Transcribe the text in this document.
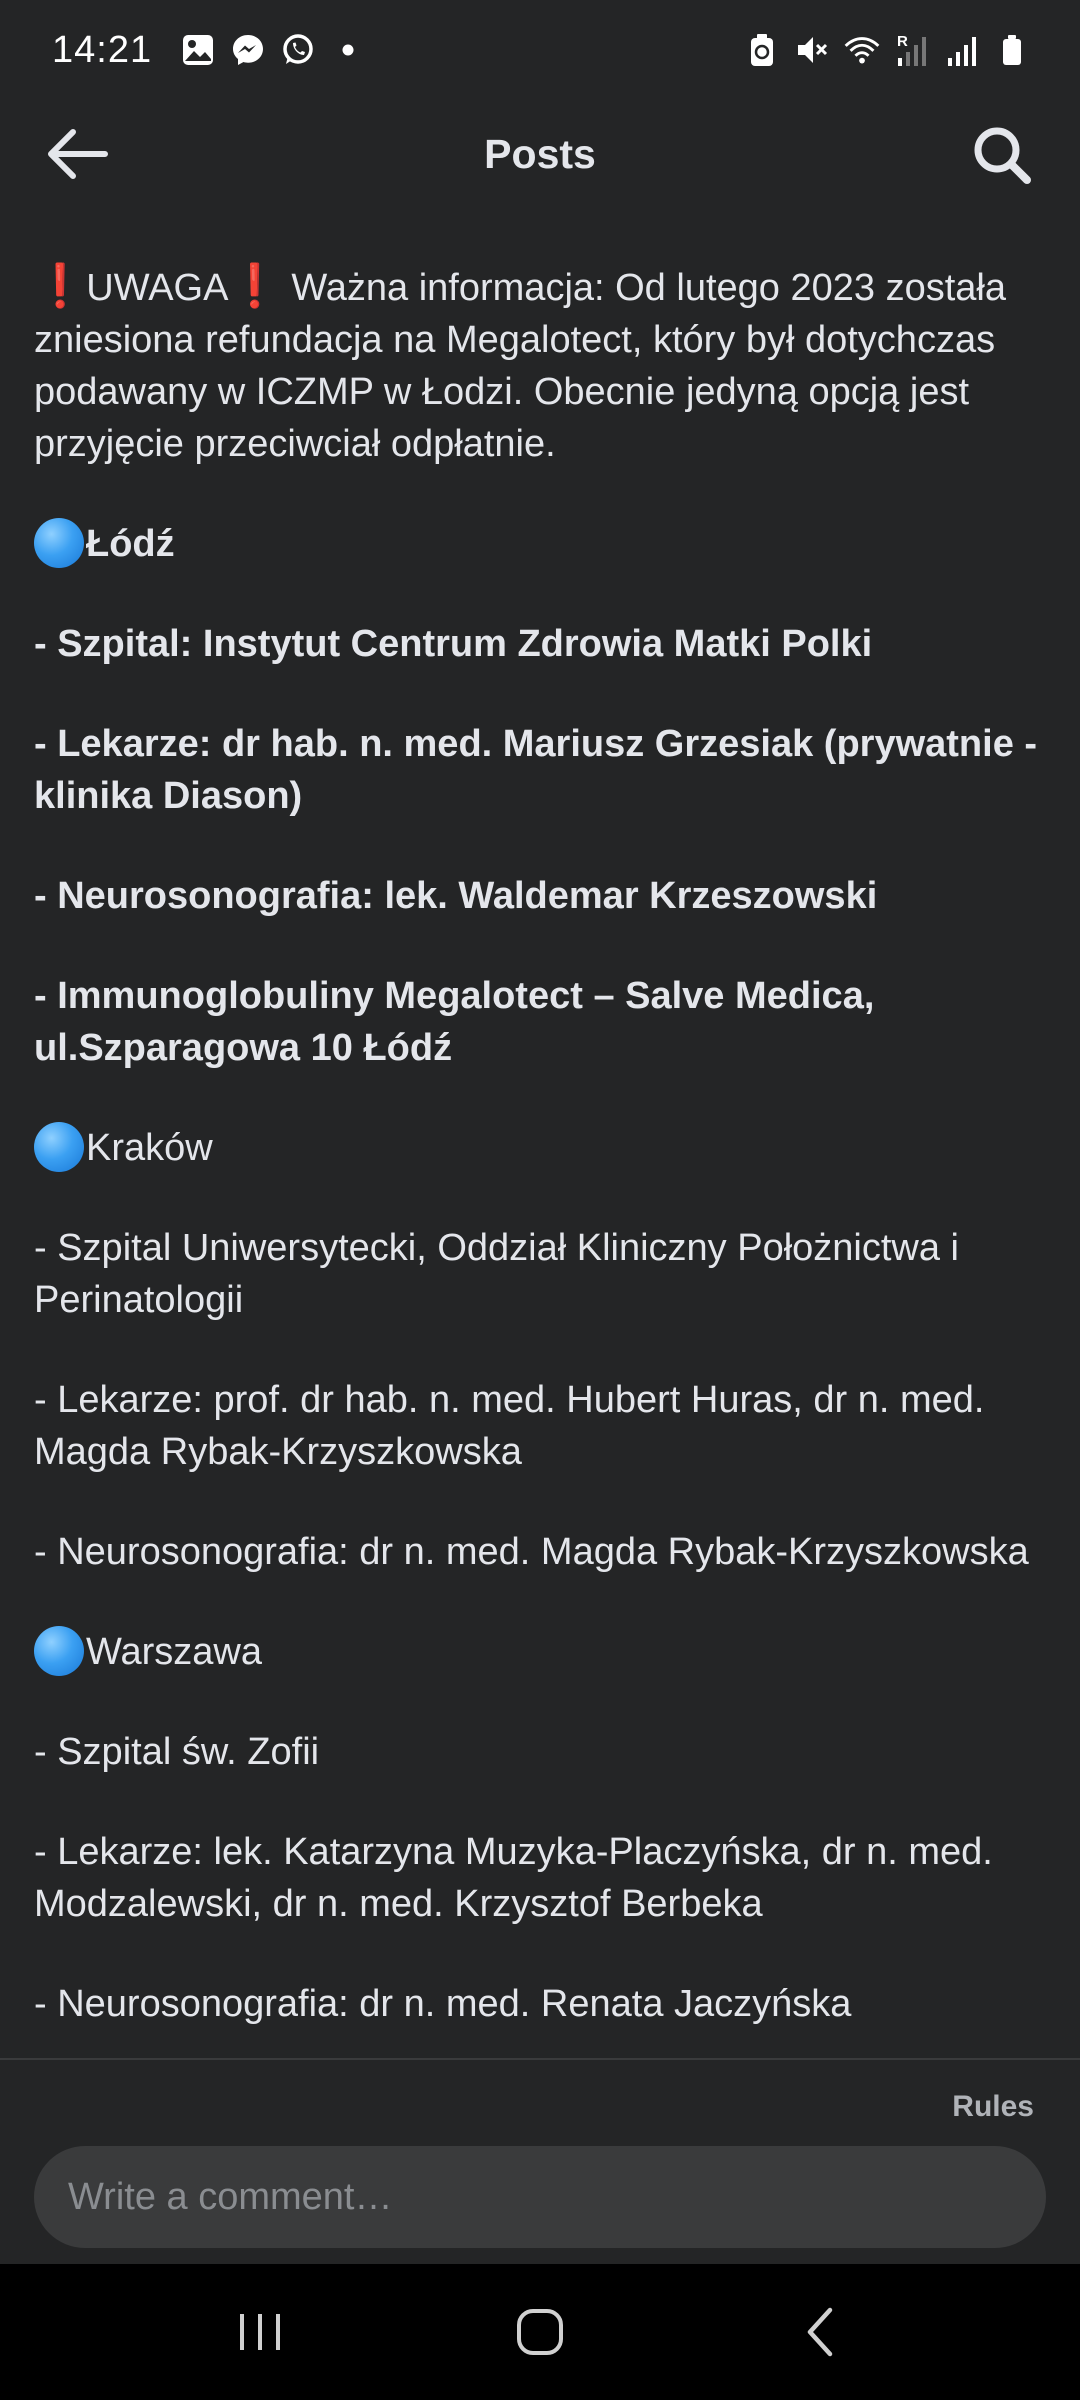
14:21	R
Posts

❗UWAGA❗ Ważna informacja: Od lutego 2023 została zniesiona refundacja na Megalotect, który był dotychczas podawany w ICZMP w Łodzi. Obecnie jedyną opcją jest przyjęcie przeciwciał odpłatnie.

Łódź

- Szpital: Instytut Centrum Zdrowia Matki Polki

- Lekarze: dr hab. n. med. Mariusz Grzesiak (prywatnie - klinika Diason)

- Neurosonografia: lek. Waldemar Krzeszowski

- Immunoglobuliny Megalotect – Salve Medica, ul.Szparagowa 10 Łódź

Kraków

- Szpital Uniwersytecki, Oddział Kliniczny Położnictwa i Perinatologii

- Lekarze: prof. dr hab. n. med. Hubert Huras, dr n. med. Magda Rybak-Krzyszkowska

- Neurosonografia: dr n. med. Magda Rybak-Krzyszkowska

Warszawa

- Szpital św. Zofii

- Lekarze: lek. Katarzyna Muzyka-Placzyńska, dr n. med. Modzalewski, dr n. med. Krzysztof Berbeka

- Neurosonografia: dr n. med. Renata Jaczyńska

Rules
Write a comment…
